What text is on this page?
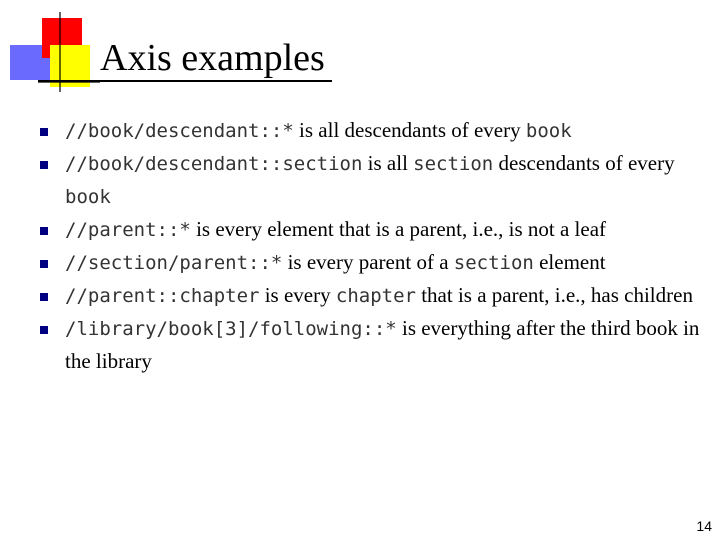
Axis examples
//book/descendant::* is all descendants of every book
//book/descendant::section is all section descendants of every book
//parent::* is every element that is a parent, i.e., is not a leaf
//section/parent::* is every parent of a section element
//parent::chapter is every chapter that is a parent, i.e., has children
/library/book[3]/following::* is everything after the third book in the library
14
